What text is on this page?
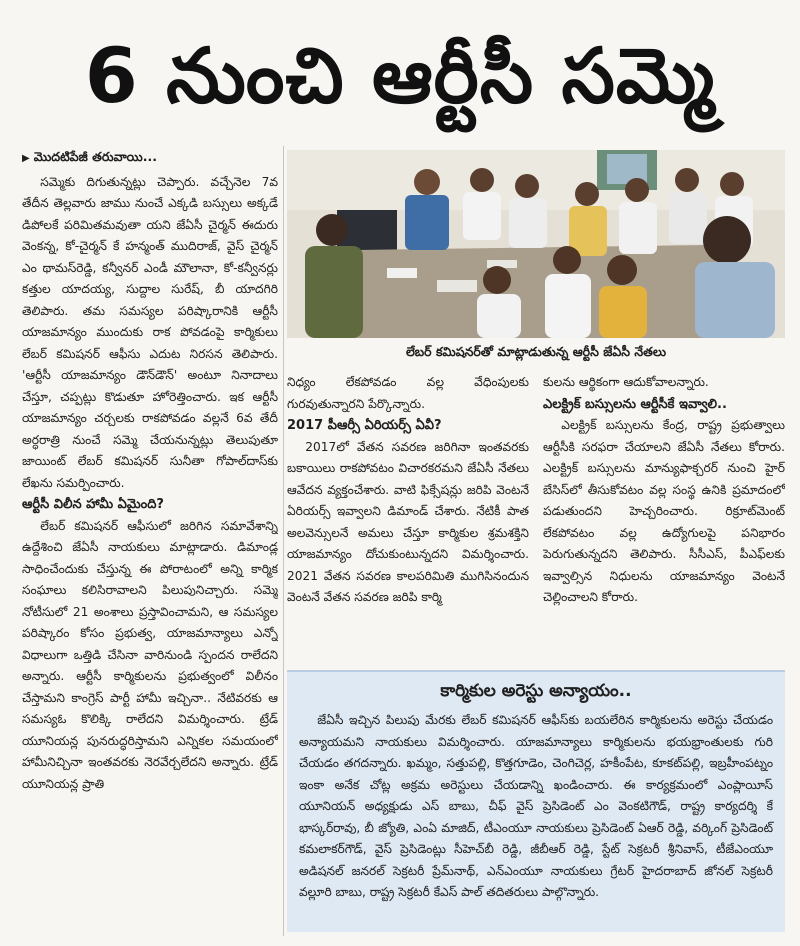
6 నుంచి ఆర్టీసీ సమ్మె
▶ మొదటిపేజీ తరువాయి...

సమ్మెకు దిగుతున్నట్లు చెప్పారు. వచ్చేనెల 7వ తేదీన తెల్లవారు జాము నుంచే ఎక్కడి బస్సులు అక్కడే డిపోలకే పరిమితమవుతా యని జేఏసీ చైర్మన్ ఈదురు వెంకన్న, కో-చైర్మన్ కే హన్మంత్ ముదిరాజ్, వైస్ చైర్మన్ ఎం థామస్‌రెడ్డి, కన్వీనర్ ఎండీ మౌలానా, కో-కన్వీనర్లు కత్తుల యాదయ్య, సుద్దాల సురేష్, బీ యాదగిరి తెలిపారు. తమ సమస్యల పరిష్కారానికి ఆర్టీసీ యాజమాన్యం ముందుకు రాక పోవడంపై కార్మికులు లేబర్ కమిషనర్ ఆఫీసు ఎదుట నిరసన తెలిపారు. 'ఆర్టీసీ యాజమాన్యం డౌన్‌డౌన్' అంటూ నినాదాలు చేస్తూ, చప్పట్లు కొడుతూ హోరెత్తించారు. ఇక ఆర్టీసీ యాజమాన్యం చర్చలకు రాకపోవడం వల్లనే 6వ తేదీ అర్ధరాత్రి నుంచే సమ్మె చేయనున్నట్లు తెలుపుతూ జాయింట్ లేబర్ కమిషనర్ సునీతా గోపాల్‌దాస్‌కు లేఖను సమర్పించారు.

ఆర్టీసీ విలీన హామీ ఏమైంది?

లేబర్ కమిషనర్ ఆఫీసులో జరిగిన సమావేశాన్ని ఉద్దేశించి జేఏసీ నాయకులు మాట్లాడారు. డిమాండ్ల సాధించేందుకు చేస్తున్న ఈ పోరాటంలో అన్ని కార్మిక సంఘాలు కలిసిరావాలని పిలుపునిచ్చారు. సమ్మె నోటీసులో 21 అంశాలు ప్రస్తావించామని, ఆ సమస్యల పరిష్కారం కోసం ప్రభుత్వ, యాజమాన్యాలు ఎన్నో విధాలుగా ఒత్తిడి చేసినా వారినుండి స్పందన రాలేదని అన్నారు. ఆర్టీసీ కార్మికులను ప్రభుత్వంలో విలీనం చేస్తామని కాంగ్రెస్ పార్టీ హామీ ఇచ్చినా.. నేటివరకు ఆ సమస్యఓ కొలిక్కి రాలేదని విమర్శించారు. ట్రేడ్ యూనియన్ల పునరుద్ధరిస్తామని ఎన్నికల సమయంలో హామీనిచ్చినా ఇంతవరకు నెరవేర్చలేదని అన్నారు. ట్రేడ్ యూనియన్ల ప్రాతి

లేబర్ కమిషనర్‌తో మాట్లాడుతున్న ఆర్టీసీ జేఏసీ నేతలు

నిధ్యం లేకపోవడం వల్ల వేధింపులకు గురవుతున్నారని పేర్కొన్నారు.

2017 పీఆర్సీ ఏరియర్స్ ఏవీ?

2017లో వేతన సవరణ జరిగినా ఇంతవరకు బకాయిలు రాకపోవటం విచారకరమని జేఏసీ నేతలు ఆవేదన వ్యక్తంచేశారు. వాటి ఫిక్సేషన్లు జరిపి వెంటనే ఏరియర్స్ ఇవ్వాలని డిమాండ్ చేశారు. నేటికీ పాత అలవెన్సులనే అమలు చేస్తూ కార్మికుల శ్రమశక్తిని యాజమాన్యం దోచుకుంటున్నదని విమర్శించారు. 2021 వేతన సవరణ కాలపరిమితి ముగిసినందున వెంటనే వేతన సవరణ జరిపి కార్మి

కులను ఆర్థికంగా ఆదుకోవాలన్నారు.

ఎలక్ట్రిక్ బస్సులను ఆర్టీసీకే ఇవ్వాలి..

ఎలక్ట్రిక్ బస్సులను కేంద్ర, రాష్ట్ర ప్రభుత్వాలు ఆర్టీసీకి సరఫరా చేయాలని జేఏసీ నేతలు కోరారు. ఎలక్ట్రిక్ బస్సులను మాన్యుఫాక్చరర్ నుంచి హైర్ బేసిస్‌లో తీసుకోవటం వల్ల సంస్థ ఉనికి ప్రమాదంలో పడుతుందని హెచ్చరించారు. రిక్రూట్‌మెంట్ లేకపోవటం వల్ల ఉద్యోగులపై పనిభారం పెరుగుతున్నదని తెలిపారు. సీసీఎస్, పీఎఫ్‌లకు ఇవ్వాల్సిన నిధులను యాజమాన్యం వెంటనే చెల్లించాలని కోరారు.

కార్మికుల అరెస్టు అన్యాయం..
జేఏసీ ఇచ్చిన పిలుపు మేరకు లేబర్ కమిషనర్ ఆఫీస్‌కు బయలేరిన కార్మికులను అరెస్టు చేయడం అన్యాయమని నాయకులు విమర్శించారు. యాజమాన్యాలు కార్మికులను భయభ్రాంతులకు గురి చేయడం తగదన్నారు. ఖమ్మం, సత్తుపల్లి, కొత్తగూడెం, చెంగిచెర్ల, హకీంపేట, కూకట్‌పల్లి, ఇబ్రహీంపట్నం ఇంకా అనేక చోట్ల అక్రమ అరెస్టులు చేయడాన్ని ఖండించారు. ఈ కార్యక్రమంలో ఎంప్లాయీస్ యూనియన్ అధ్యక్షుడు ఎస్ బాబు, చీఫ్ వైస్ ప్రెసిడెంట్ ఎం వెంకటిగౌడ్, రాష్ట్ర కార్యదర్శి కే భాస్కర్‌రావు, బీ జ్యోతి, ఎంఏ మాజిద్, టీఎంయూ నాయకులు ప్రెసిడెంట్ ఏఆర్ రెడ్డి, వర్కింగ్ ప్రెసిడెంట్ కమలాకర్‌గౌడ్, వైస్ ప్రెసిడెంట్లు సీహెచ్‌బీ రెడ్డి, జీబీఆర్ రెడ్డి, స్టేట్ సెక్రటరీ శ్రీనివాస్, టీజేఎంయూ అడిషనల్ జనరల్ సెక్రటరీ ప్రేమ్‌నాథ్, ఎన్ఎంయూ నాయకులు గ్రేటర్ హైదరాబాద్ జోనల్ సెక్రటరీ వల్లూరి బాబు, రాష్ట్ర సెక్రటరీ కేఎస్ పాల్ తదితరులు పాల్గొన్నారు.
